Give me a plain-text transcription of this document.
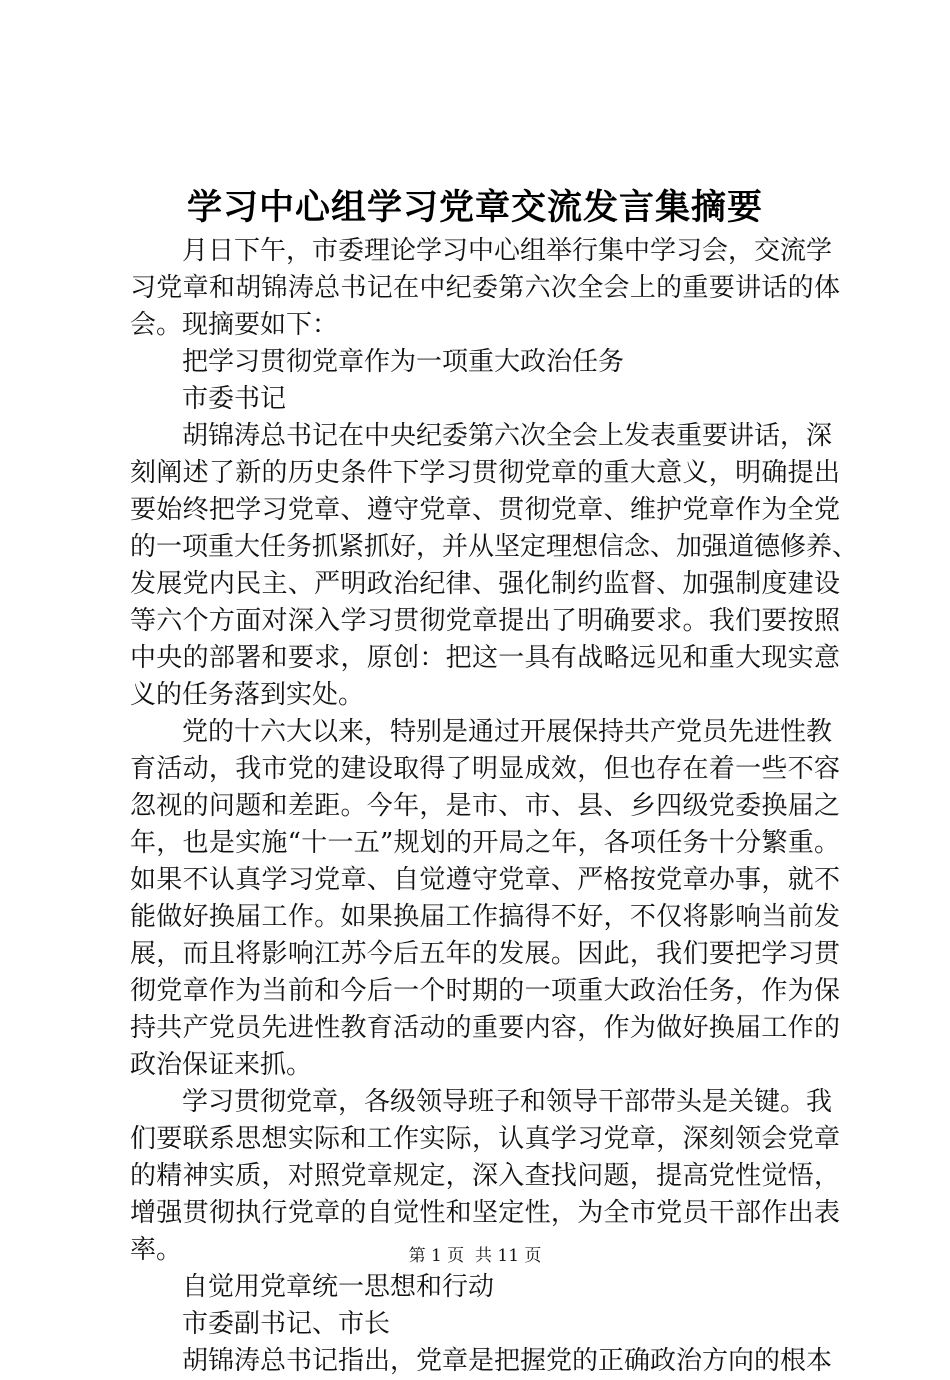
学习中心组学习党章交流发言集摘要
月日下午，市委理论学习中心组举行集中学习会，交流学
习党章和胡锦涛总书记在中纪委第六次全会上的重要讲话的体
会。现摘要如下：
把学习贯彻党章作为一项重大政治任务
市委书记
胡锦涛总书记在中央纪委第六次全会上发表重要讲话，深
刻阐述了新的历史条件下学习贯彻党章的重大意义，明确提出
要始终把学习党章、遵守党章、贯彻党章、维护党章作为全党
的一项重大任务抓紧抓好，并从坚定理想信念、加强道德修养、
发展党内民主、严明政治纪律、强化制约监督、加强制度建设
等六个方面对深入学习贯彻党章提出了明确要求。我们要按照
中央的部署和要求，原创：把这一具有战略远见和重大现实意
义的任务落到实处。
党的十六大以来，特别是通过开展保持共产党员先进性教
育活动，我市党的建设取得了明显成效，但也存在着一些不容
忽视的问题和差距。今年，是市、市、县、乡四级党委换届之
年，也是实施“十一五”规划的开局之年，各项任务十分繁重。
如果不认真学习党章、自觉遵守党章、严格按党章办事，就不
能做好换届工作。如果换届工作搞得不好，不仅将影响当前发
展，而且将影响江苏今后五年的发展。因此，我们要把学习贯
彻党章作为当前和今后一个时期的一项重大政治任务，作为保
持共产党员先进性教育活动的重要内容，作为做好换届工作的
政治保证来抓。
学习贯彻党章，各级领导班子和领导干部带头是关键。我
们要联系思想实际和工作实际，认真学习党章，深刻领会党章
的精神实质，对照党章规定，深入查找问题，提高党性觉悟，
增强贯彻执行党章的自觉性和坚定性，为全市党员干部作出表
率。
自觉用党章统一思想和行动
市委副书记、市长
胡锦涛总书记指出，党章是把握党的正确政治方向的根本
第 1 页  共 11 页
